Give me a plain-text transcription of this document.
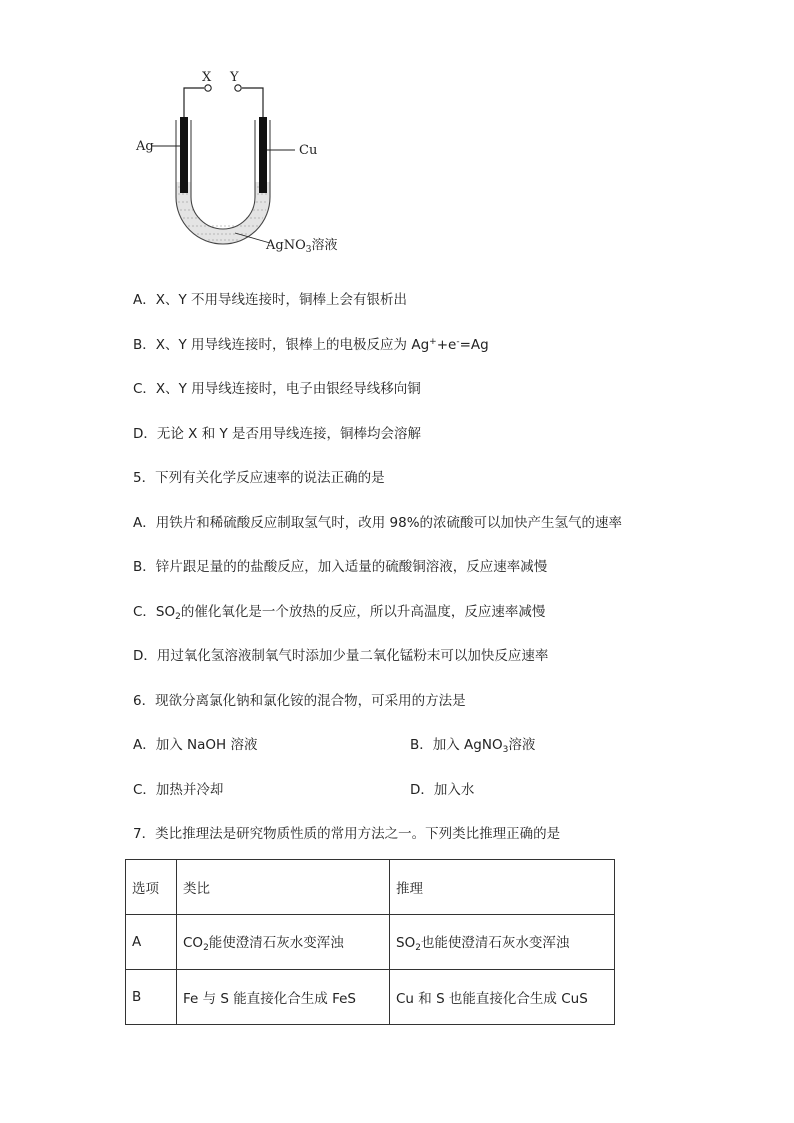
X Y
Ag	Cu
AgNO$_3$溶液
A．X、Y 不用导线连接时，铜棒上会有银析出
B．X、Y 用导线连接时，银棒上的电极反应为 Ag++e-=Ag
C．X、Y 用导线连接时，电子由银经导线移向铜
D．无论 X 和 Y 是否用导线连接，铜棒均会溶解
5．下列有关化学反应速率的说法正确的是
A．用铁片和稀硫酸反应制取氢气时，改用 98%的浓硫酸可以加快产生氢气的速率
B．锌片跟足量的的盐酸反应，加入适量的硫酸铜溶液，反应速率减慢
C．$SO_2$的催化氧化是一个放热的反应，所以升高温度，反应速率减慢
D．用过氧化氢溶液制氧气时添加少量二氧化锰粉末可以加快反应速率
6．现欲分离氯化钠和氯化铵的混合物，可采用的方法是
A．加入 NaOH 溶液	B．加入 AgNO$_3$溶液
C．加热并冷却	D．加入水
7．类比推理法是研究物质性质的常用方法之一。下列类比推理正确的是
选项	类比	推理
A	$CO_2$能使澄清石灰水变浑浊	$SO_2$也能使澄清石灰水变浑浊
B	Fe 与 S 能直接化合生成 FeS	Cu 和 S 也能直接化合生成 CuS
